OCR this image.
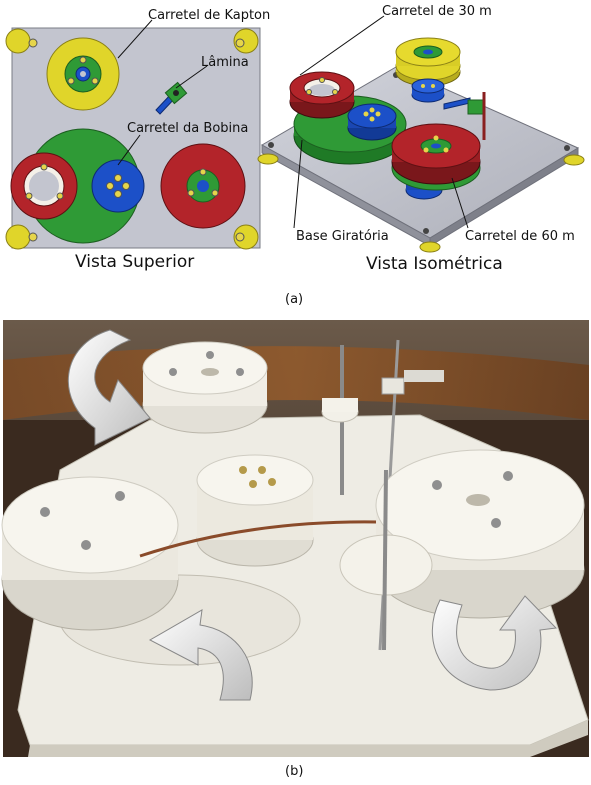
Vista Superior
Carretel de Kapton
Lâmina
Carretel da Bobina
Vista Isométrica
Carretel de 30 m
Base Giratória	Carretel de 60 m
(a)
(b)
